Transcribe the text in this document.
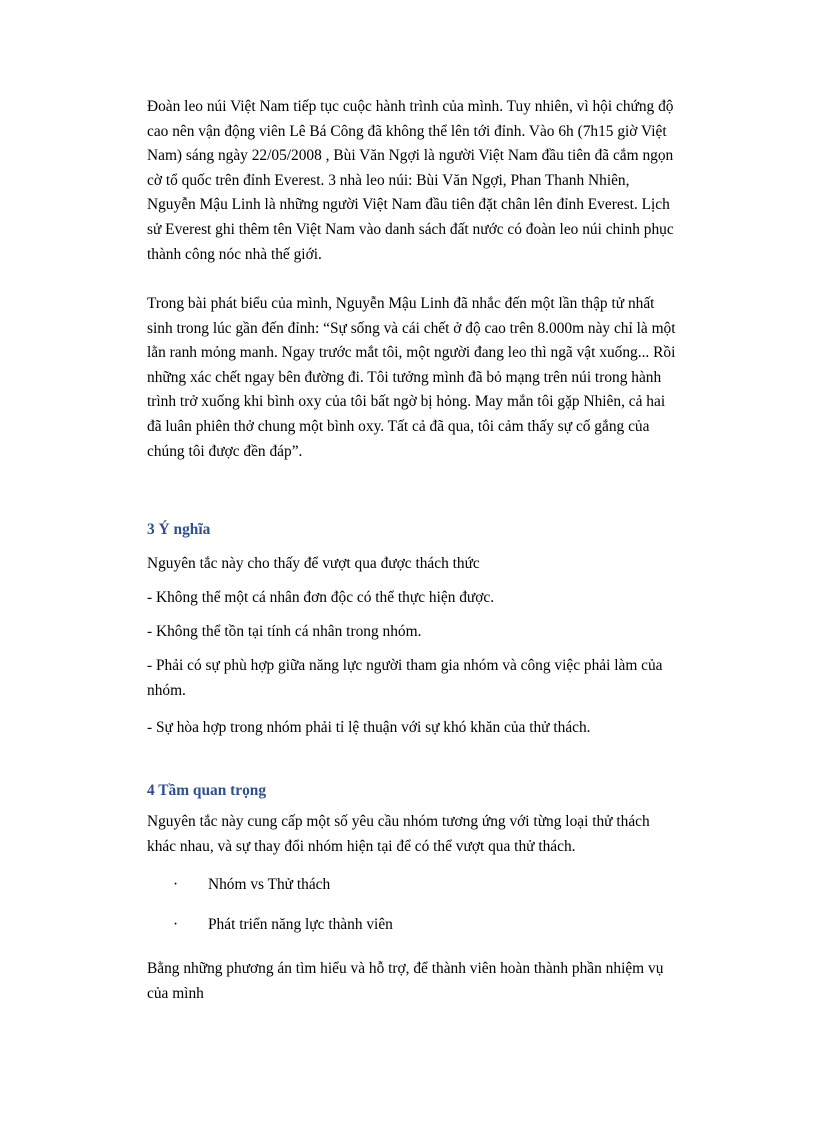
Đoàn leo núi Việt Nam tiếp tục cuộc hành trình của mình. Tuy nhiên, vì hội chứng độ
cao nên vận động viên Lê Bá Công đã không thể lên tới đỉnh. Vào 6h (7h15 giờ Việt
Nam) sáng ngày 22/05/2008 , Bùi Văn Ngợi là người Việt Nam đầu tiên đã cắm ngọn
cờ tổ quốc trên đỉnh Everest. 3 nhà leo núi: Bùi Văn Ngợi, Phan Thanh Nhiên,
Nguyễn Mậu Linh là những người Việt Nam đầu tiên đặt chân lên đỉnh Everest. Lịch
sử Everest ghi thêm tên Việt Nam vào danh sách đất nước có đoàn leo núi chinh phục
thành công nóc nhà thế giới.

Trong bài phát biểu của mình, Nguyễn Mậu Linh đã nhắc đến một lần thập tử nhất
sinh trong lúc gần đến đỉnh: “Sự sống và cái chết ở độ cao trên 8.000m này chỉ là một
lằn ranh mỏng manh. Ngay trước mắt tôi, một người đang leo thì ngã vật xuống... Rồi
những xác chết ngay bên đường đi. Tôi tưởng mình đã bỏ mạng trên núi trong hành
trình trở xuống khi bình oxy của tôi bất ngờ bị hỏng. May mắn tôi gặp Nhiên, cả hai
đã luân phiên thở chung một bình oxy. Tất cả đã qua, tôi cảm thấy sự cố gắng của
chúng tôi được đền đáp”.

3 Ý nghĩa

Nguyên tắc này cho thấy để vượt qua được thách thức

- Không thể một cá nhân đơn độc có thể thực hiện được.

- Không thể tồn tại tính cá nhân trong nhóm.

- Phải có sự phù hợp giữa năng lực người tham gia nhóm và công việc phải làm của
nhóm.

- Sự hòa hợp trong nhóm phải tỉ lệ thuận với sự khó khăn của thử thách.

4 Tầm quan trọng

Nguyên tắc này cung cấp một số yêu cầu nhóm tương ứng với từng loại thử thách
khác nhau, và sự thay đổi nhóm hiện tại để có thể vượt qua thử thách.

· Nhóm vs Thử thách
· Phát triển năng lực thành viên

Bằng những phương án tìm hiểu và hỗ trợ, để thành viên hoàn thành phần nhiệm vụ
của mình
